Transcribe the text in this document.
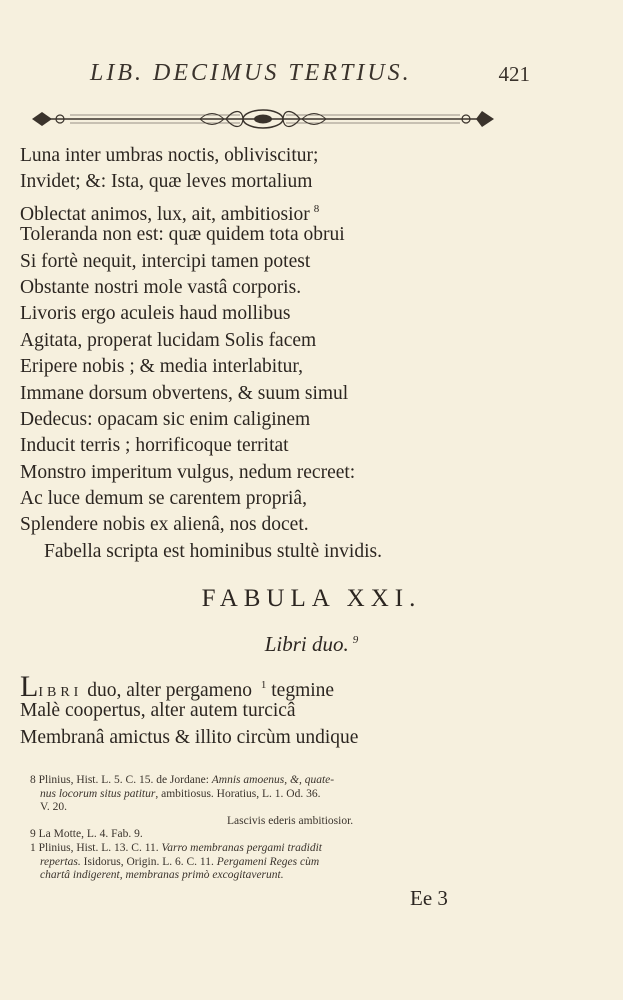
LIB. DECIMUS TERTIUS.	421
Luna inter umbras noctis, obliviscitur;
Invidet; &: Ista, quæ leves mortalium
Oblectat animos, lux, ait, ambitiosior $^8$
Toleranda non est: quæ quidem tota obrui
Si fortè nequit, intercipi tamen potest
Obstante nostri mole vastâ corporis.
Livoris ergo aculeis haud mollibus
Agitata, properat lucidam Solis facem
Eripere nobis ; & media interlabitur,
Immane dorsum obvertens, & suum simul
Dedecus: opacam sic enim caliginem
Inducit terris ; horrificoque territat
Monstro imperitum vulgus, nedum recreet:
Ac luce demum se carentem propriâ,
Splendere nobis ex alienâ, nos docet.
Fabella scripta est hominibus stultè invidis.
FABULA XXI.
Libri duo. $^9$
LIBRI duo, alter pergameno $^1$ tegmine
Malè coopertus, alter autem turcicâ
Membranâ amictus & illito circùm undique
8 Plinius, Hist. L. 5. C. 15. de Jordane: Amnis amoenus, &, quate-
nus locorum situs patitur, ambitiosus. Horatius, L. 1. Od. 36.
V. 20.
Lascivis ederis ambitiosior.
9 La Motte, L. 4. Fab. 9.
1 Plinius, Hist. L. 13. C. 11. Varro membranas pergami tradidit
repertas. Isidorus, Origin. L. 6. C. 11. Pergameni Reges cùm
chartâ indigerent, membranas primò excogitaverunt.
Ee 3
